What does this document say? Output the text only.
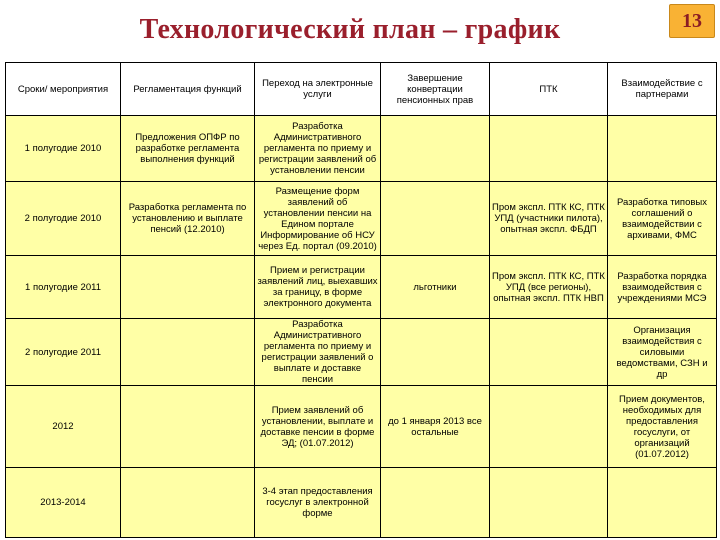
Технологический план – график	13
Сроки/ мероприятия	Регламентация функций	Переход на электронные услуги	Завершение конвертации пенсионных прав	ПТК	Взаимодействие с партнерами

1 полугодие 2010	Предложения ОПФР по разработке регламента выполнения функций	Разработка Административного регламента по приему и регистрации заявлений об установлении пенсии			
2 полугодие 2010	Разработка регламента по установлению и выплате пенсий (12.2010)	Размещение форм заявлений об установлении пенсии на Едином портале Информирование об НСУ через Ед. портал (09.2010)		Пром экспл. ПТК КС, ПТК УПД (участники пилота), опытная экспл. ФБДП	Разработка типовых соглашений о взаимодействии с архивами, ФМС
1 полугодие 2011		Прием и регистрации заявлений лиц, выехавших за границу, в форме электронного документа	льготники	Пром экспл. ПТК КС, ПТК УПД (все регионы), опытная экспл. ПТК НВП	Разработка порядка взаимодействия с учреждениями МСЭ
2 полугодие 2011		Разработка Административного регламента по приему и регистрации заявлений о выплате и доставке пенсии			Организация взаимодействия с силовыми ведомствами, СЗН и др
2012		Прием заявлений об установлении, выплате и доставке пенсии в форме ЭД; (01.07.2012)	до 1 января 2013 все остальные		Прием документов, необходимых для предоставления госуслуги, от организаций (01.07.2012)
2013-2014		3-4 этап предоставления госуслуг в электронной форме			
